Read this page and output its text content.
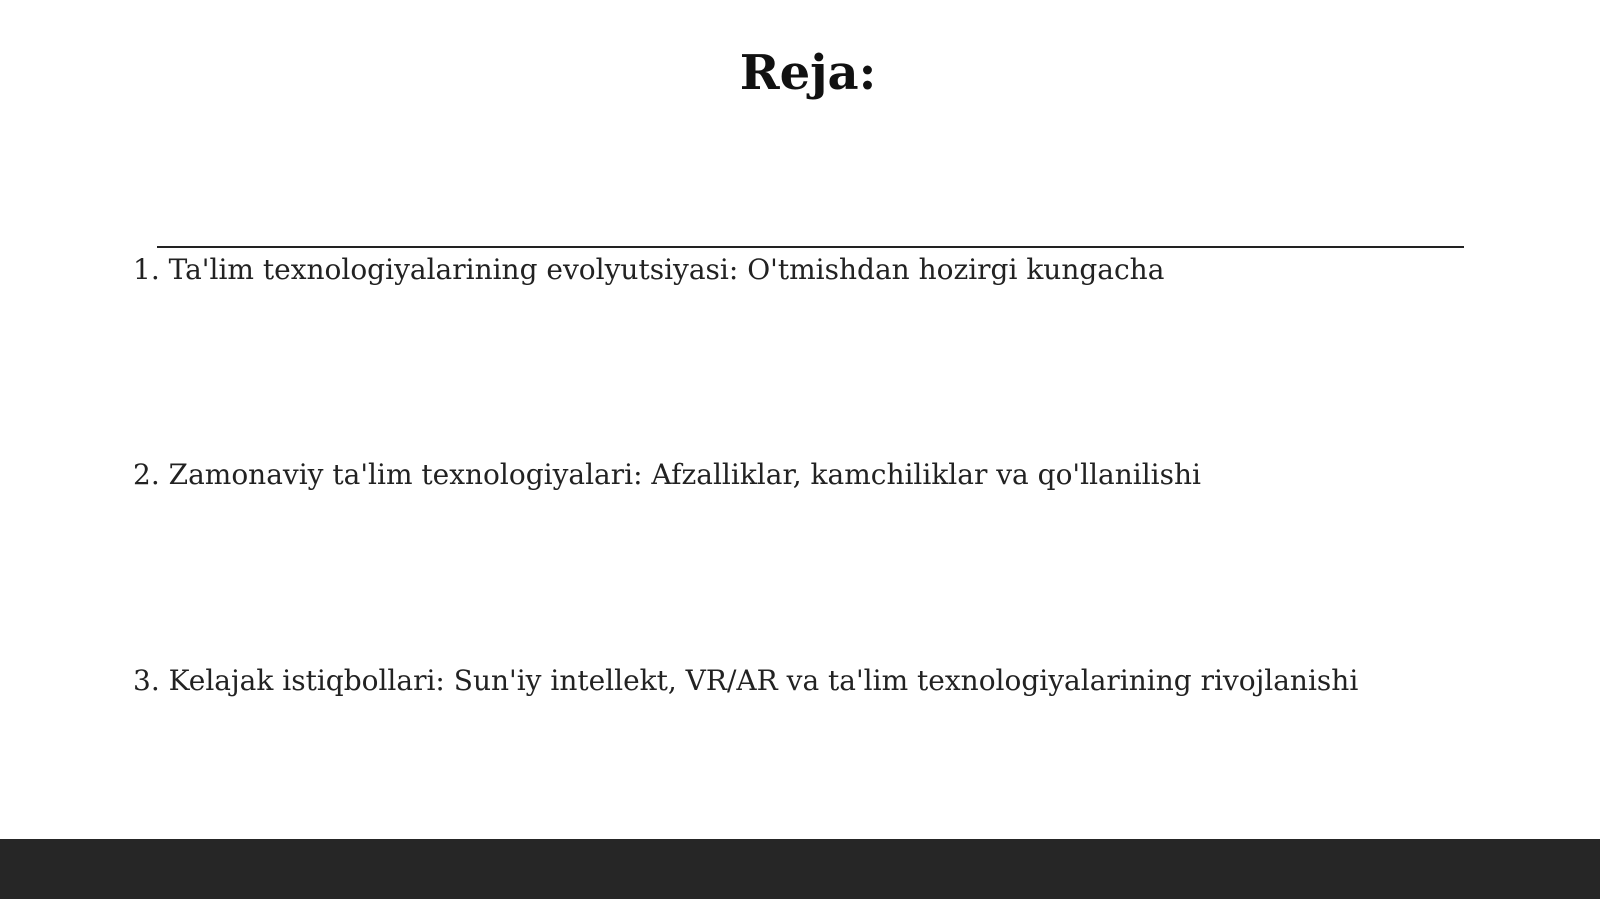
Reja:
1. Ta'lim texnologiyalarining evolyutsiyasi: O'tmishdan hozirgi kungacha
2. Zamonaviy ta'lim texnologiyalari: Afzalliklar, kamchiliklar va qo'llanilishi
3. Kelajak istiqbollari: Sun'iy intellekt, VR/AR va ta'lim texnologiyalarining rivojlanishi
